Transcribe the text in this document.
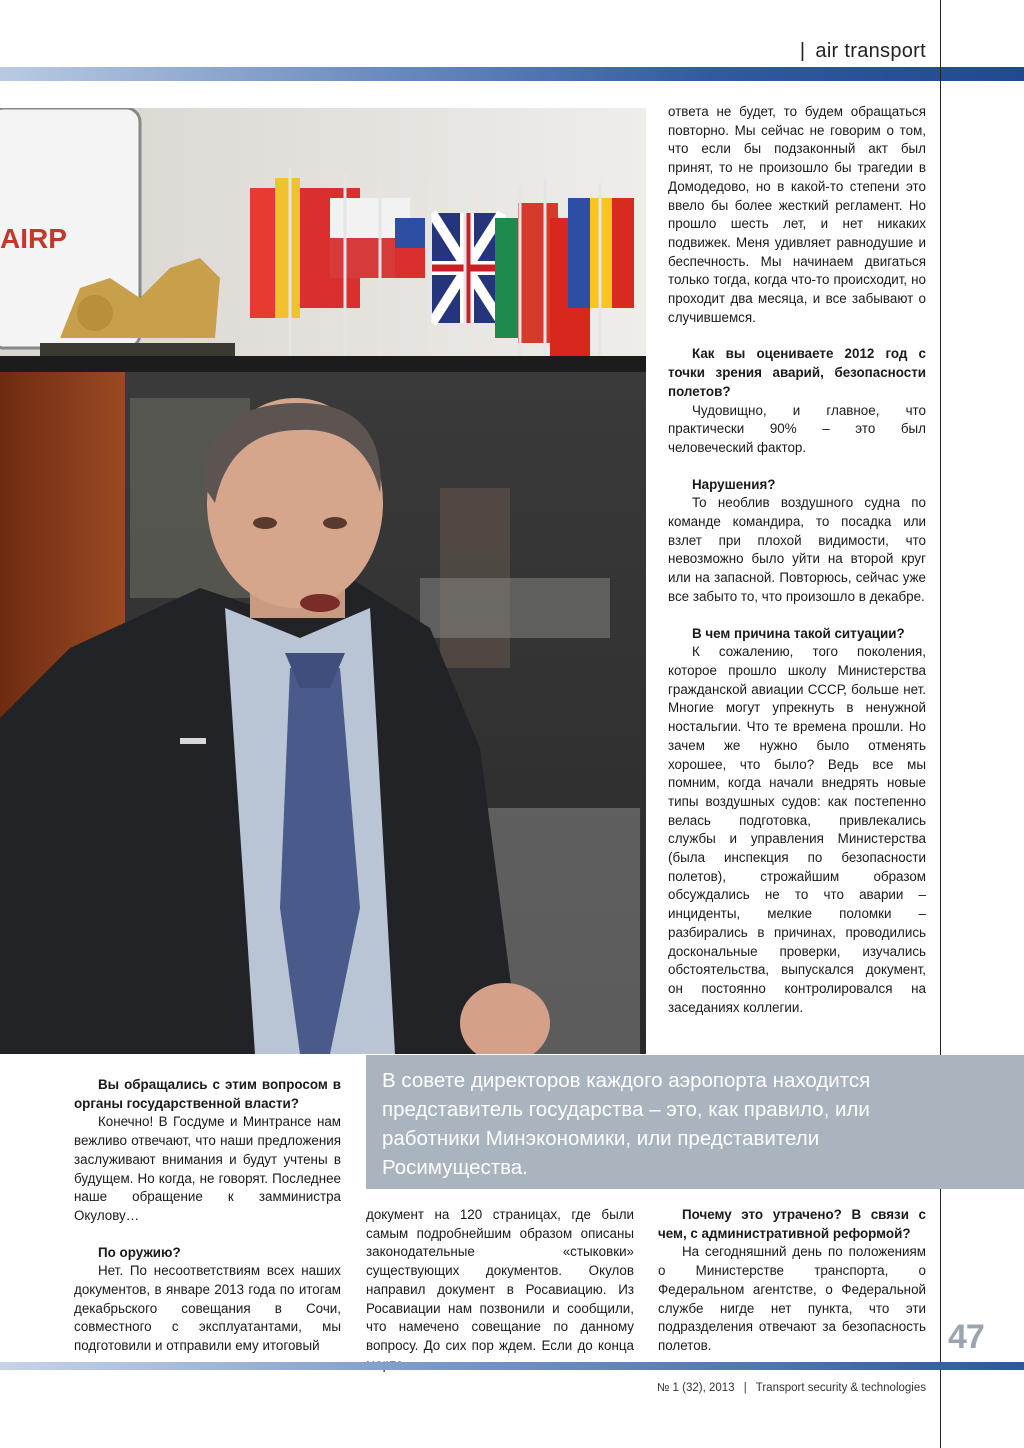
| air transport
AIRP

ответа не будет, то будем обращаться повторно. Мы сейчас не говорим о том, что если бы подзаконный акт был принят, то не произошло бы трагедии в Домодедово, но в какой-то степени это ввело бы более жесткий регламент. Но прошло шесть лет, и нет никаких подвижек. Меня удивляет равнодушие и беспечность. Мы начинаем двигаться только тогда, когда что-то происходит, но проходит два месяца, и все забывают о случившемся.

Как вы оцениваете 2012 год с точки зрения аварий, безопасности полетов?

Чудовищно, и главное, что практически 90% – это был человеческий фактор.

Нарушения?

То необлив воздушного судна по команде командира, то посадка или взлет при плохой видимости, что невозможно было уйти на второй круг или на запасной. Повторюсь, сейчас уже все забыто то, что произошло в декабре.

В чем причина такой ситуации?

К сожалению, того поколения, которое прошло школу Министерства гражданской авиации СССР, больше нет. Многие могут упрекнуть в ненужной ностальгии. Что те времена прошли. Но зачем же нужно было отменять хорошее, что было? Ведь все мы помним, когда начали внедрять новые типы воздушных судов: как постепенно велась подготовка, привлекались службы и управления Министерства (была инспекция по безопасности полетов), строжайшим образом обсуждались не то что аварии – инциденты, мелкие поломки – разбирались в причинах, проводились доскональные проверки, изучались обстоятельства, выпускался документ, он постоянно контролировался на заседаниях коллегии.

В совете директоров каждого аэропорта находится представитель государства – это, как правило, или работники Минэкономики, или представители Росимущества.

Вы обращались с этим вопросом в органы государственной власти?

Конечно! В Госдуме и Минтрансе нам вежливо отвечают, что наши предложения заслуживают внимания и будут учтены в будущем. Но когда, не говорят. Последнее наше обращение к замминистра Окулову…

По оружию?

Нет. По несоответствиям всех наших документов, в январе 2013 года по итогам декабрьского совещания в Сочи, совместного с эксплуатантами, мы подготовили и отправили ему итоговый

документ на 120 страницах, где были самым подробнейшим образом описаны законодательные «стыковки» существующих документов. Окулов направил документ в Росавиацию. Из Росавиации нам позвонили и сообщили, что намечено совещание по данному вопросу. До сих пор ждем. Если до конца

Почему это утрачено? В связи с чем, с административной реформой?

На сегодняшний день по положениям о Министерстве транспорта, о Федеральном агентстве, о Федеральной службе нигде нет пункта, что эти подразделения отвечают за безопасность полетов.	47
№ 1 (32), 2013 | Transport security & technologies
